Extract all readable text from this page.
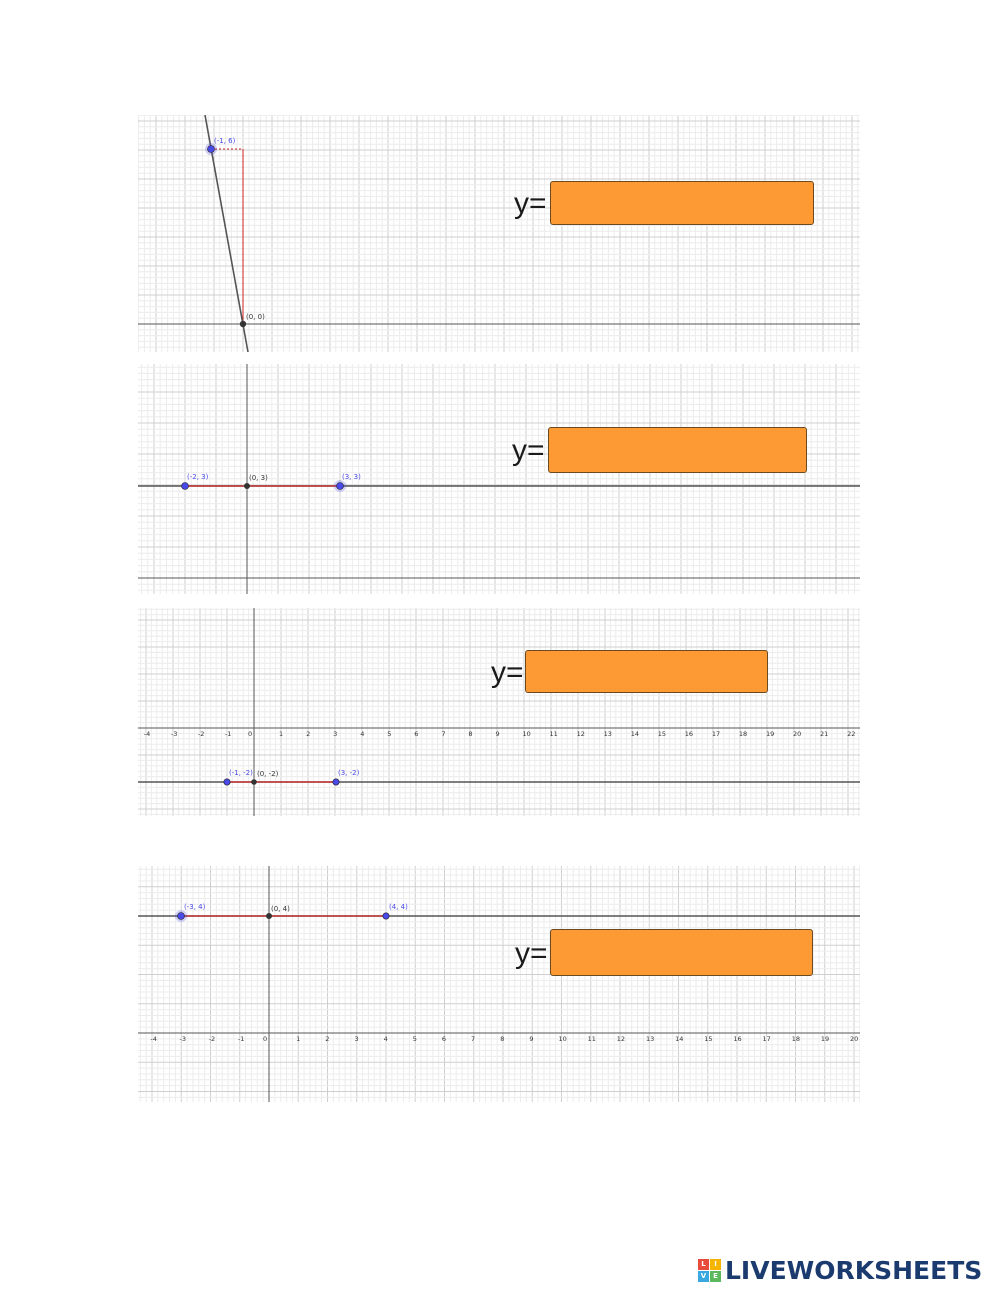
(-1, 6)
(0, 0)
y=
(-2, 3)	(0, 3)	(3, 3)
y=
-4	-3	-2	-1	0	1	2	3	4	5	6	7	8	9	10	11	12	13	14	15	16	17	18	19	20	21	22
(-1, -2) (0, -2)	(3, -2)
y=
-4	-3	-2	-1	0	1	2	3	4	5	6	7	8	9	10	11	12	13	14	15	16	17	18	19	20
(-3, 4)	(0, 4)	(4, 4)
y=
L	I
V E LIVEWORKSHEETS
